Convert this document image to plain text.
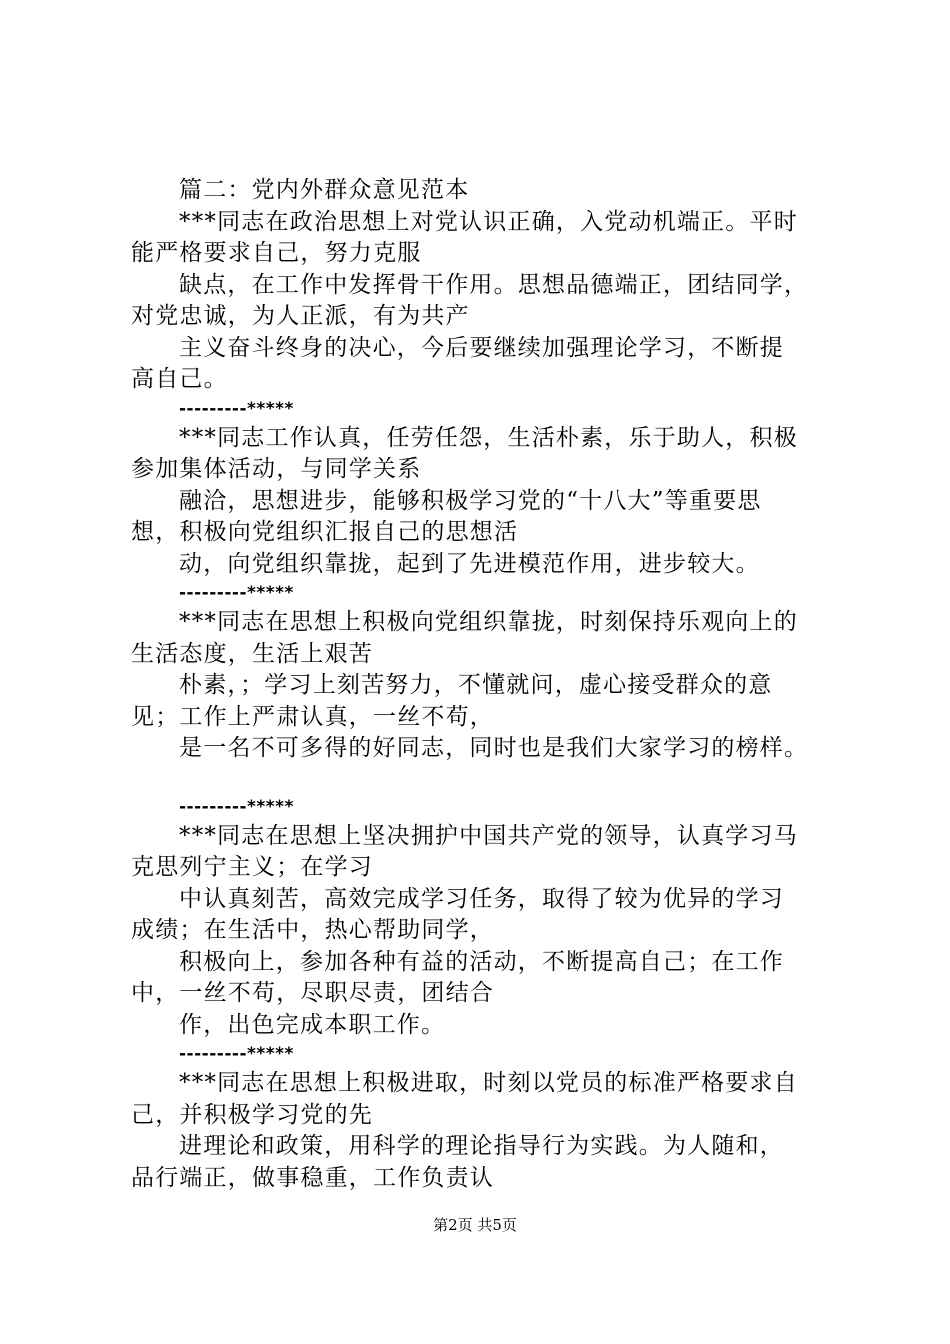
篇二：党内外群众意见范本
***同志在政治思想上对党认识正确，入党动机端正。平时
能严格要求自己，努力克服
缺点，在工作中发挥骨干作用。思想品德端正，团结同学，
对党忠诚，为人正派，有为共产
主义奋斗终身的决心，今后要继续加强理论学习，不断提
高自己。
---------*****
***同志工作认真，任劳任怨，生活朴素，乐于助人，积极
参加集体活动，与同学关系
融洽，思想进步，能够积极学习党的“十八大”等重要思
想，积极向党组织汇报自己的思想活
动，向党组织靠拢，起到了先进模范作用，进步较大。
---------*****
***同志在思想上积极向党组织靠拢，时刻保持乐观向上的
生活态度，生活上艰苦
朴素，；学习上刻苦努力，不懂就问，虚心接受群众的意
见；工作上严肃认真，一丝不苟，
是一名不可多得的好同志，同时也是我们大家学习的榜样。
---------*****
***同志在思想上坚决拥护中国共产党的领导，认真学习马
克思列宁主义；在学习
中认真刻苦，高效完成学习任务，取得了较为优异的学习
成绩；在生活中，热心帮助同学，
积极向上，参加各种有益的活动，不断提高自己；在工作
中，一丝不苟，尽职尽责，团结合
作，出色完成本职工作。
---------*****
***同志在思想上积极进取，时刻以党员的标准严格要求自
己，并积极学习党的先
进理论和政策，用科学的理论指导行为实践。为人随和，
品行端正，做事稳重，工作负责认
第2页 共5页
